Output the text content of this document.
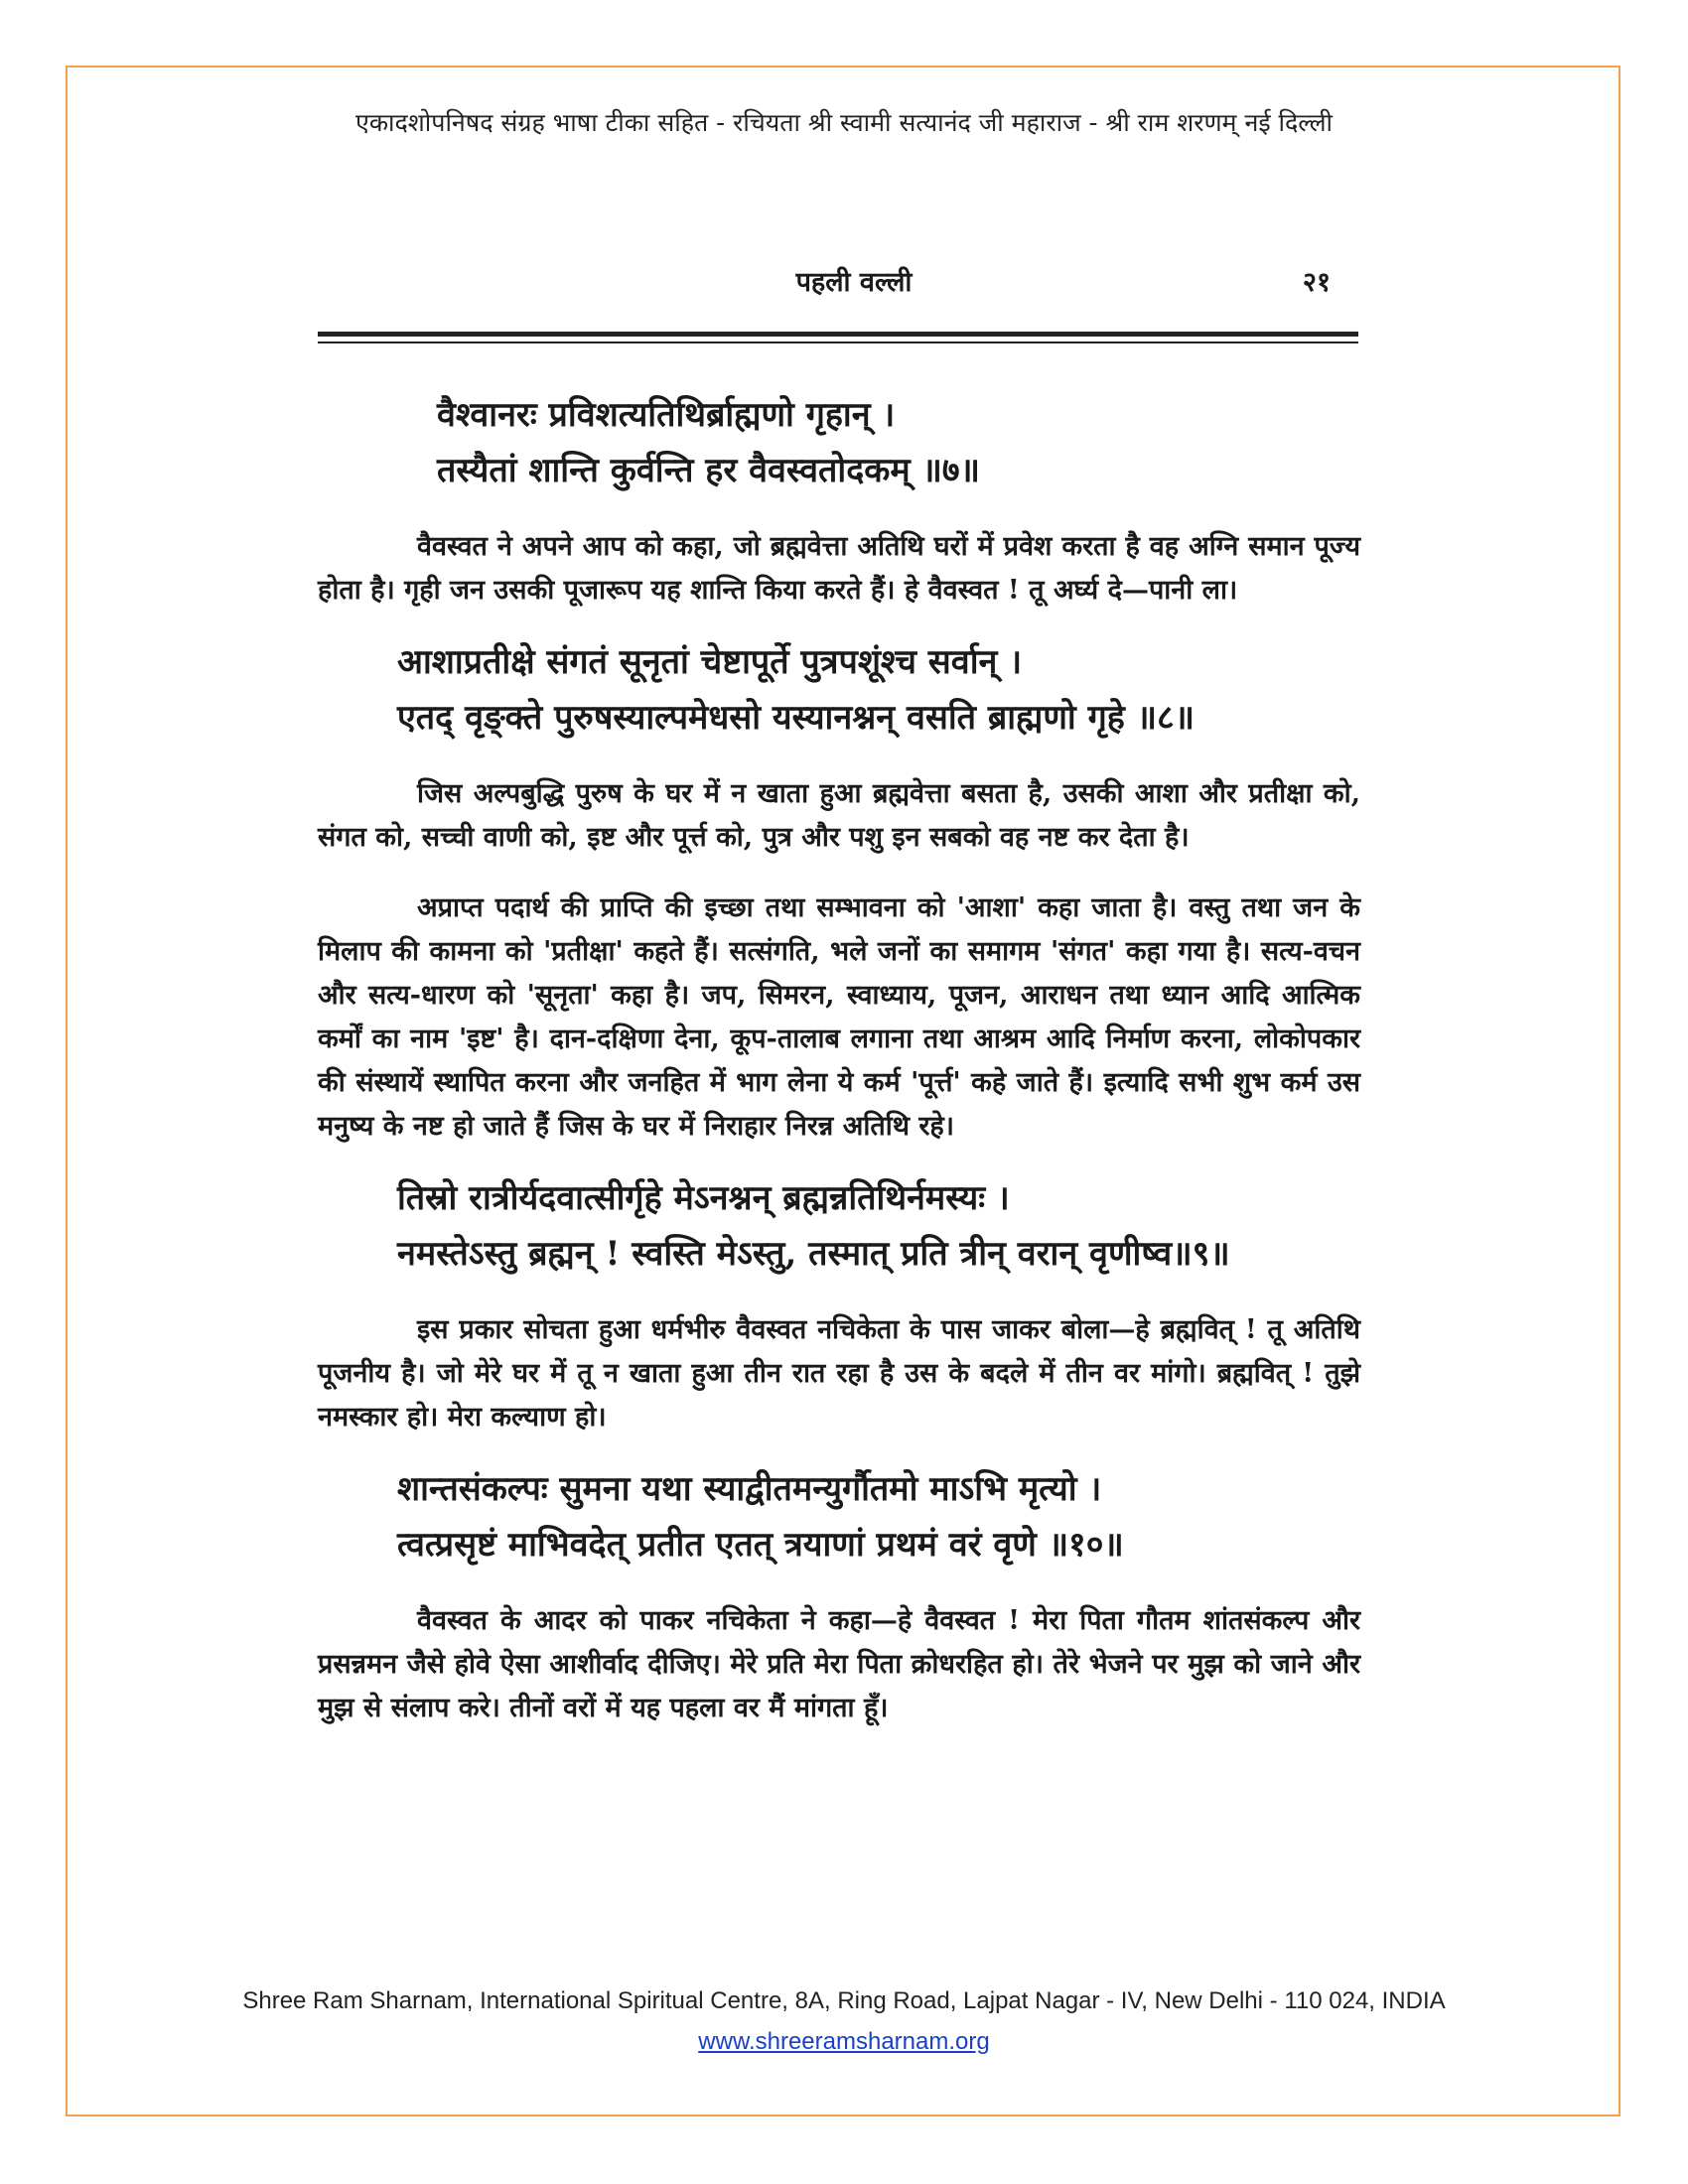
एकादशोपनिषद संग्रह भाषा टीका सहित - रचियता श्री स्वामी सत्यानंद जी महाराज - श्री राम शरणम् नई दिल्ली
पहली वल्ली	२१
वैश्वानरः प्रविशत्यतिथिर्ब्राह्मणो गृहान् ।
तस्यैतां शान्ति कुर्वन्ति हर वैवस्वतोदकम् ॥७॥

वैवस्वत ने अपने आप को कहा, जो ब्रह्मवेत्ता अतिथि घरों में प्रवेश करता है वह अग्नि समान पूज्य होता है। गृही जन उसकी पूजारूप यह शान्ति किया करते हैं। हे वैवस्वत ! तू अर्घ्य दे—पानी ला।

आशाप्रतीक्षे संगतं सूनृतां चेष्टापूर्ते पुत्रपशूंश्च सर्वान् ।
एतद् वृङ्क्ते पुरुषस्याल्पमेधसो यस्यानश्नन् वसति ब्राह्मणो गृहे ॥८॥

जिस अल्पबुद्धि पुरुष के घर में न खाता हुआ ब्रह्मवेत्ता बसता है, उसकी आशा और प्रतीक्षा को, संगत को, सच्ची वाणी को, इष्ट और पूर्त्त को, पुत्र और पशु इन सबको वह नष्ट कर देता है।

अप्राप्त पदार्थ की प्राप्ति की इच्छा तथा सम्भावना को 'आशा' कहा जाता है। वस्तु तथा जन के मिलाप की कामना को 'प्रतीक्षा' कहते हैं। सत्संगति, भले जनों का समागम 'संगत' कहा गया है। सत्य-वचन और सत्य-धारण को 'सूनृता' कहा है। जप, सिमरन, स्वाध्याय, पूजन, आराधन तथा ध्यान आदि आत्मिक कर्मों का नाम 'इष्ट' है। दान-दक्षिणा देना, कूप-तालाब लगाना तथा आश्रम आदि निर्माण करना, लोकोपकार की संस्थायें स्थापित करना और जनहित में भाग लेना ये कर्म 'पूर्त्त' कहे जाते हैं। इत्यादि सभी शुभ कर्म उस मनुष्य के नष्ट हो जाते हैं जिस के घर में निराहार निरन्न अतिथि रहे।

तिस्रो रात्रीर्यदवात्सीर्गृहे मेऽनश्नन् ब्रह्मन्नतिथिर्नमस्यः ।
नमस्तेऽस्तु ब्रह्मन् ! स्वस्ति मेऽस्तु, तस्मात् प्रति त्रीन् वरान् वृणीष्व॥९॥

इस प्रकार सोचता हुआ धर्मभीरु वैवस्वत नचिकेता के पास जाकर बोला—हे ब्रह्मवित् ! तू अतिथि पूजनीय है। जो मेरे घर में तू न खाता हुआ तीन रात रहा है उस के बदले में तीन वर मांगो। ब्रह्मवित् ! तुझे नमस्कार हो। मेरा कल्याण हो।

शान्तसंकल्पः सुमना यथा स्याद्वीतमन्युर्गौतमो माऽभि मृत्यो ।
त्वत्प्रसृष्टं माभिवदेत् प्रतीत एतत् त्रयाणां प्रथमं वरं वृणे ॥१०॥

वैवस्वत के आदर को पाकर नचिकेता ने कहा—हे वैवस्वत ! मेरा पिता गौतम शांतसंकल्प और प्रसन्नमन जैसे होवे ऐसा आशीर्वाद दीजिए। मेरे प्रति मेरा पिता क्रोधरहित हो। तेरे भेजने पर मुझ को जाने और मुझ से संलाप करे। तीनों वरों में यह पहला वर मैं मांगता हूँ।

Shree Ram Sharnam, International Spiritual Centre, 8A, Ring Road, Lajpat Nagar - IV, New Delhi - 110 024, INDIA
www.shreeramsharnam.org
